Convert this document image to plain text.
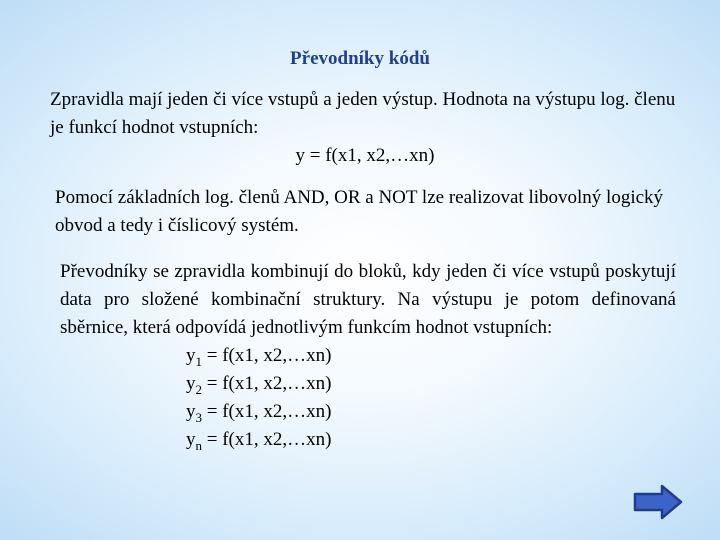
Převodníky kódů
Zpravidla mají jeden či více vstupů a jeden výstup. Hodnota na výstupu log. členu je funkcí hodnot vstupních:
y = f(x1, x2,…xn)
Pomocí základních log. členů AND, OR a NOT lze realizovat libovolný logický obvod a tedy i číslicový systém.
Převodníky se zpravidla kombinují do bloků, kdy jeden či více vstupů poskytují data pro složené kombinační struktury. Na výstupu je potom definovaná sběrnice, která odpovídá jednotlivým funkcím hodnot vstupních:
$y_1 = f(x1$, x2,…xn)
$y_2 = f(x1$, x2,…xn)
$y_3 = f(x1$, x2,…xn)
$y_n = f(x1$, x2,…xn)
